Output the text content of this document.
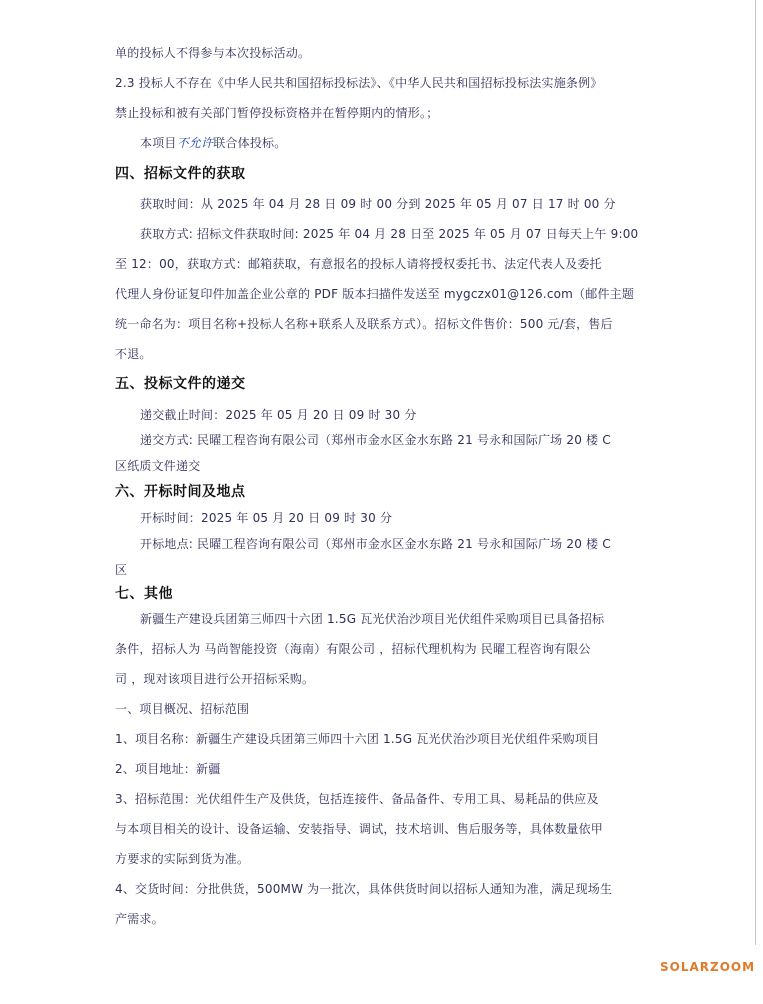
单的投标人不得参与本次投标活动。
2.3 投标人不存在《中华人民共和国招标投标法》、《中华人民共和国招标投标法实施条例》
禁止投标和被有关部门暂停投标资格并在暂停期内的情形。；
本项目不允许联合体投标。
四、招标文件的获取
获取时间：从 2025 年 04 月 28 日 09 时 00 分到 2025 年 05 月 07 日 17 时 00 分
获取方式: 招标文件获取时间: 2025 年 04 月 28 日至 2025 年 05 月 07 日每天上午 9:00
至 12：00，获取方式：邮箱获取，有意报名的投标人请将授权委托书、法定代表人及委托
代理人身份证复印件加盖企业公章的 PDF 版本扫描件发送至 mygczx01@126.com（邮件主题
统一命名为：项目名称+投标人名称+联系人及联系方式）。招标文件售价：500 元/套，售后
不退。
五、投标文件的递交
递交截止时间：2025 年 05 月 20 日 09 时 30 分
递交方式: 民曜工程咨询有限公司（郑州市金水区金水东路 21 号永和国际广场 20 楼 C
区纸质文件递交
六、开标时间及地点
开标时间：2025 年 05 月 20 日 09 时 30 分
开标地点: 民曜工程咨询有限公司（郑州市金水区金水东路 21 号永和国际广场 20 楼 C
区
七、其他
新疆生产建设兵团第三师四十六团 1.5G 瓦光伏治沙项目光伏组件采购项目已具备招标
条件，招标人为 马尚智能投资（海南）有限公司 ，招标代理机构为 民曜工程咨询有限公
司 ，现对该项目进行公开招标采购。
一、项目概况、招标范围
1、项目名称：新疆生产建设兵团第三师四十六团 1.5G 瓦光伏治沙项目光伏组件采购项目
2、项目地址：新疆
3、招标范围：光伏组件生产及供货，包括连接件、备品备件、专用工具、易耗品的供应及
与本项目相关的设计、设备运输、安装指导、调试，技术培训、售后服务等，具体数量依甲
方要求的实际到货为准。
4、交货时间：分批供货，500MW 为一批次，具体供货时间以招标人通知为准，满足现场生
产需求。
SOLARZOOM
